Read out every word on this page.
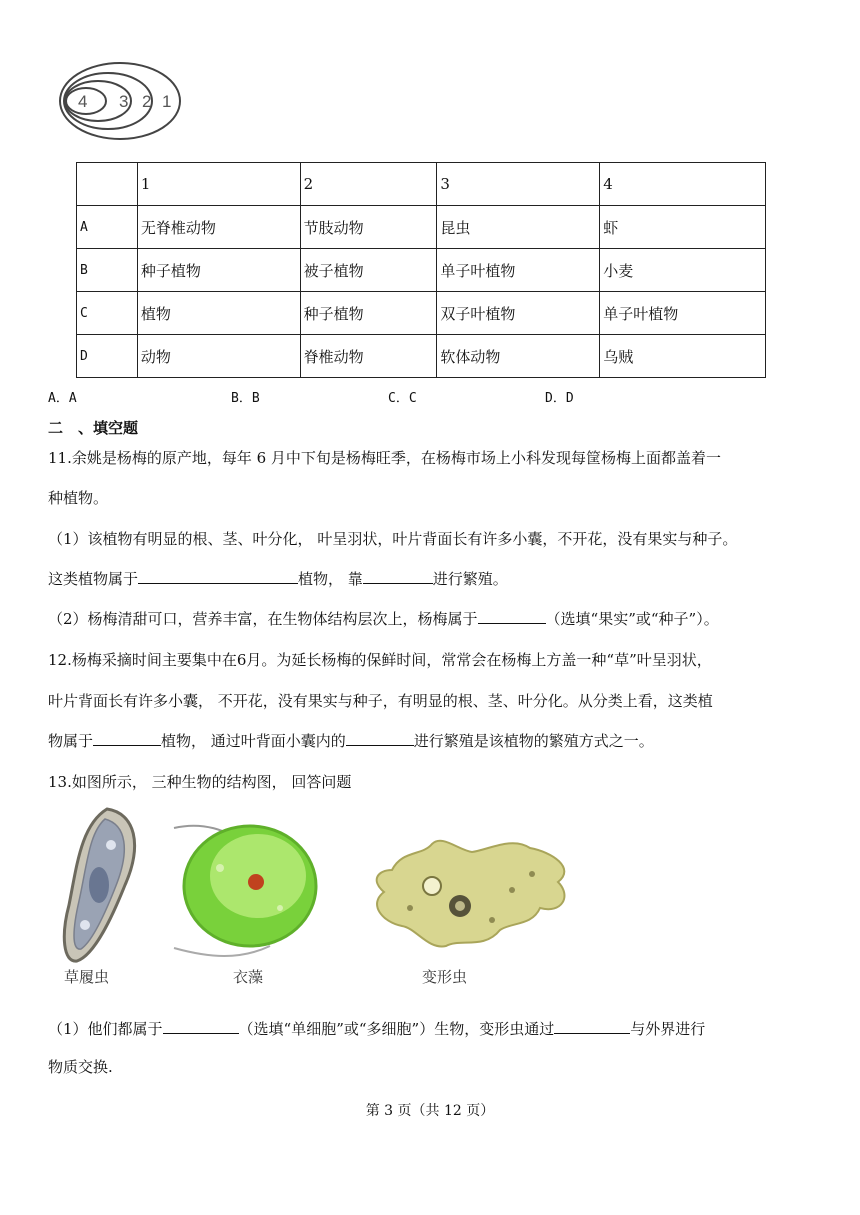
4 3 2 1
	1	2	3	4
A	无脊椎动物	节肢动物	昆虫	虾
B	种子植物	被子植物	单子叶植物	小麦
C	植物	种子植物	双子叶植物	单子叶植物
D	动物	脊椎动物	软体动物	乌贼
A．A	B．B	C．C	D．D
二　、填空题
11.余姚是杨梅的原产地，每年 6 月中下旬是杨梅旺季，在杨梅市场上小科发现每筐杨梅上面都盖着一
种植物。
（1）该植物有明显的根、茎、叶分化， 叶呈羽状，叶片背面长有许多小囊，不开花，没有果实与种子。
这类植物属于	植物， 靠	进行繁殖。
（2）杨梅清甜可口，营养丰富，在生物体结构层次上，杨梅属于	（选填“果实”或“种子”）。
12.杨梅采摘时间主要集中在6月。为延长杨梅的保鲜时间，常常会在杨梅上方盖一种“草”叶呈羽状，
叶片背面长有许多小囊， 不开花，没有果实与种子，有明显的根、茎、叶分化。从分类上看，这类植
物属于	植物， 通过叶背面小囊内的	进行繁殖是该植物的繁殖方式之一。
13.如图所示， 三种生物的结构图， 回答问题
草履虫	衣藻	变形虫
（1）他们都属于	（选填“单细胞”或“多细胞”）生物，变形虫通过	与外界进行
物质交换.
第 3 页（共 12 页）
